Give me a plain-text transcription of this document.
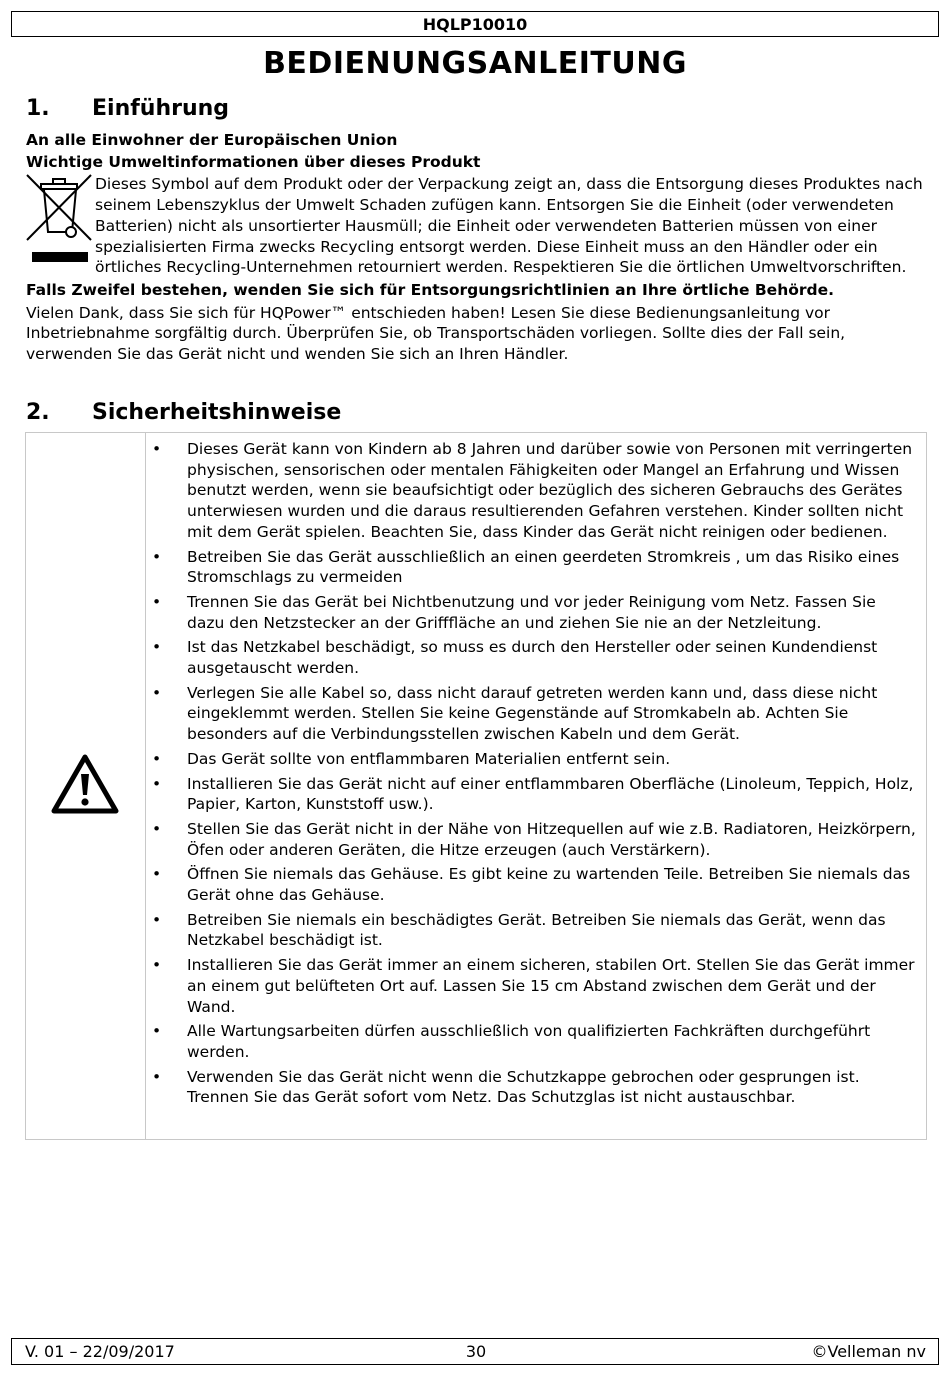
HQLP10010
BEDIENUNGSANLEITUNG
1. Einführung

An alle Einwohner der Europäischen Union

Wichtige Umweltinformationen über dieses Produkt

Dieses Symbol auf dem Produkt oder der Verpackung zeigt an, dass die Entsorgung dieses Produktes nach seinem Lebenszyklus der Umwelt Schaden zufügen kann. Entsorgen Sie die Einheit (oder verwendeten Batterien) nicht als unsortierter Hausmüll; die Einheit oder verwendeten Batterien müssen von einer spezialisierten Firma zwecks Recycling entsorgt werden. Diese Einheit muss an den Händler oder ein örtliches Recycling-Unternehmen retourniert werden. Respektieren Sie die örtlichen Umweltvorschriften.

Falls Zweifel bestehen, wenden Sie sich für Entsorgungsrichtlinien an Ihre örtliche Behörde.

Vielen Dank, dass Sie sich für HQPower™ entschieden haben! Lesen Sie diese Bedienungsanleitung vor Inbetriebnahme sorgfältig durch. Überprüfen Sie, ob Transportschäden vorliegen. Sollte dies der Fall sein, verwenden Sie das Gerät nicht und wenden Sie sich an Ihren Händler.

2. Sicherheitshinweise
• Dieses Gerät kann von Kindern ab 8 Jahren und darüber sowie von Personen mit verringerten physischen, sensorischen oder mentalen Fähigkeiten oder Mangel an Erfahrung und Wissen benutzt werden, wenn sie beaufsichtigt oder bezüglich des sicheren Gebrauchs des Gerätes unterwiesen wurden und die daraus resultierenden Gefahren verstehen. Kinder sollten nicht mit dem Gerät spielen. Beachten Sie, dass Kinder das Gerät nicht reinigen oder bedienen.
• Betreiben Sie das Gerät ausschließlich an einen geerdeten Stromkreis , um das Risiko eines Stromschlags zu vermeiden
• Trennen Sie das Gerät bei Nichtbenutzung und vor jeder Reinigung vom Netz. Fassen Sie dazu den Netzstecker an der Grifffläche an und ziehen Sie nie an der Netzleitung.
• Ist das Netzkabel beschädigt, so muss es durch den Hersteller oder seinen Kundendienst ausgetauscht werden.
• Verlegen Sie alle Kabel so, dass nicht darauf getreten werden kann und, dass diese nicht eingeklemmt werden. Stellen Sie keine Gegenstände auf Stromkabeln ab. Achten Sie besonders auf die Verbindungsstellen zwischen Kabeln und dem Gerät.
• Das Gerät sollte von entflammbaren Materialien entfernt sein.
• Installieren Sie das Gerät nicht auf einer entflammbaren Oberfläche (Linoleum, Teppich, Holz, Papier, Karton, Kunststoff usw.).
• Stellen Sie das Gerät nicht in der Nähe von Hitzequellen auf wie z.B. Radiatoren, Heizkörpern, Öfen oder anderen Geräten, die Hitze erzeugen (auch Verstärkern).
• Öffnen Sie niemals das Gehäuse. Es gibt keine zu wartenden Teile. Betreiben Sie niemals das Gerät ohne das Gehäuse.
• Betreiben Sie niemals ein beschädigtes Gerät. Betreiben Sie niemals das Gerät, wenn das Netzkabel beschädigt ist.
• Installieren Sie das Gerät immer an einem sicheren, stabilen Ort. Stellen Sie das Gerät immer an einem gut belüfteten Ort auf. Lassen Sie 15 cm Abstand zwischen dem Gerät und der Wand.
• Alle Wartungsarbeiten dürfen ausschließlich von qualifizierten Fachkräften durchgeführt werden.
• Verwenden Sie das Gerät nicht wenn die Schutzkappe gebrochen oder gesprungen ist. Trennen Sie das Gerät sofort vom Netz. Das Schutzglas ist nicht austauschbar.
V. 01 – 22/09/2017	30	©Velleman nv
